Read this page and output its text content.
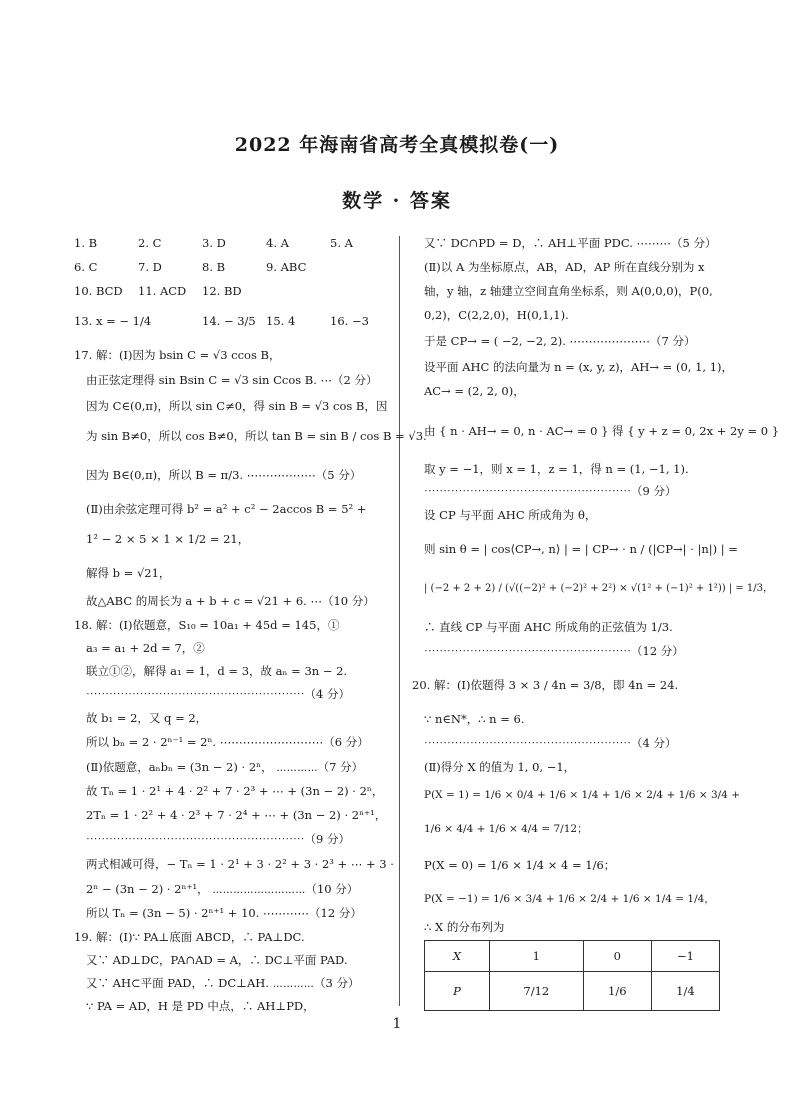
2022 年海南省高考全真模拟卷(一)
数学 · 答案
1. B	2. C	3. D	4. A	5. A
6. C	7. D	8. B	9. ABC
10. BCD 11. ACD 12. BD
13. x = − 1/4	14. − 3/5 15. 4	16. −3
17. 解：(Ⅰ)因为 bsin C = √3 ccos B，
由正弦定理得 sin Bsin C = √3 sin Ccos B. ⋯（2 分）
因为 C∈(0,π)，所以 sin C≠0，得 sin B = √3 cos B，因
为 sin B≠0，所以 cos B≠0，所以 tan B = sin B / cos B = √3.
因为 B∈(0,π)，所以 B = π/3. ⋯⋯⋯⋯⋯⋯（5 分）
(Ⅱ)由余弦定理可得 b² = a² + c² − 2accos B = 5² +
1² − 2 × 5 × 1 × 1/2 = 21，
解得 b = √21，
故△ABC 的周长为 a + b + c = √21 + 6. ⋯（10 分）
18. 解：(Ⅰ)依题意，S₁₀ = 10a₁ + 45d = 145，①
a₃ = a₁ + 2d = 7，②
联立①②，解得 a₁ = 1，d = 3，故 aₙ = 3n − 2.
⋯⋯⋯⋯⋯⋯⋯⋯⋯⋯⋯⋯⋯⋯⋯⋯⋯⋯⋯（4 分）
故 b₁ = 2，又 q = 2，
所以 bₙ = 2 · 2ⁿ⁻¹ = 2ⁿ. ⋯⋯⋯⋯⋯⋯⋯⋯⋯（6 分）
(Ⅱ)依题意，aₙbₙ = (3n − 2) · 2ⁿ， ⋯⋯⋯⋯（7 分）
故 Tₙ = 1 · 2¹ + 4 · 2² + 7 · 2³ + ⋯ + (3n − 2) · 2ⁿ，
2Tₙ = 1 · 2² + 4 · 2³ + 7 · 2⁴ + ⋯ + (3n − 2) · 2ⁿ⁺¹，
⋯⋯⋯⋯⋯⋯⋯⋯⋯⋯⋯⋯⋯⋯⋯⋯⋯⋯⋯（9 分）
两式相减可得，− Tₙ = 1 · 2¹ + 3 · 2² + 3 · 2³ + ⋯ + 3 ·
2ⁿ − (3n − 2) · 2ⁿ⁺¹， ⋯⋯⋯⋯⋯⋯⋯⋯⋯（10 分）
所以 Tₙ = (3n − 5) · 2ⁿ⁺¹ + 10. ⋯⋯⋯⋯（12 分）
19. 解：(Ⅰ)∵ PA⊥底面 ABCD，∴ PA⊥DC.
又∵ AD⊥DC，PA∩AD = A，∴ DC⊥平面 PAD.
又∵ AH⊂平面 PAD，∴ DC⊥AH. ⋯⋯⋯⋯（3 分）
∵ PA = AD，H 是 PD 中点，∴ AH⊥PD，
又∵ DC∩PD = D，∴ AH⊥平面 PDC. ⋯⋯⋯（5 分）
(Ⅱ)以 A 为坐标原点，AB，AD，AP 所在直线分别为 x
轴，y 轴，z 轴建立空间直角坐标系，则 A(0,0,0)，P(0,
0,2)，C(2,2,0)，H(0,1,1).
于是 CP→ = ( −2, −2, 2). ⋯⋯⋯⋯⋯⋯⋯（7 分）
设平面 AHC 的法向量为 n = (x, y, z)，AH→ = (0, 1, 1)，
AC→ = (2, 2, 0)，
由 { n · AH→ = 0, n · AC→ = 0 } 得 { y + z = 0, 2x + 2y = 0 }
取 y = −1，则 x = 1，z = 1，得 n = (1, −1, 1).
⋯⋯⋯⋯⋯⋯⋯⋯⋯⋯⋯⋯⋯⋯⋯⋯⋯⋯（9 分）
设 CP 与平面 AHC 所成角为 θ，
则 sin θ = | cos⟨CP→, n⟩ | = | CP→ · n / (|CP→| · |n|) | =
| (−2 + 2 + 2) / (√((−2)² + (−2)² + 2²) × √(1² + (−1)² + 1²)) | = 1/3，
∴ 直线 CP 与平面 AHC 所成角的正弦值为 1/3.
⋯⋯⋯⋯⋯⋯⋯⋯⋯⋯⋯⋯⋯⋯⋯⋯⋯⋯（12 分）
20. 解：(Ⅰ)依题得 3 × 3 / 4n = 3/8，即 4n = 24.
∵ n∈N*，∴ n = 6.
⋯⋯⋯⋯⋯⋯⋯⋯⋯⋯⋯⋯⋯⋯⋯⋯⋯⋯（4 分）
(Ⅱ)得分 X 的值为 1, 0, −1，
P(X = 1) = 1/6 × 0/4 + 1/6 × 1/4 + 1/6 × 2/4 + 1/6 × 3/4 +
1/6 × 4/4 + 1/6 × 4/4 = 7/12；
P(X = 0) = 1/6 × 1/4 × 4 = 1/6；
P(X = −1) = 1/6 × 3/4 + 1/6 × 2/4 + 1/6 × 1/4 = 1/4，
∴ X 的分布列为
X	1	0	−1
P	7/12	1/6	1/4
1
